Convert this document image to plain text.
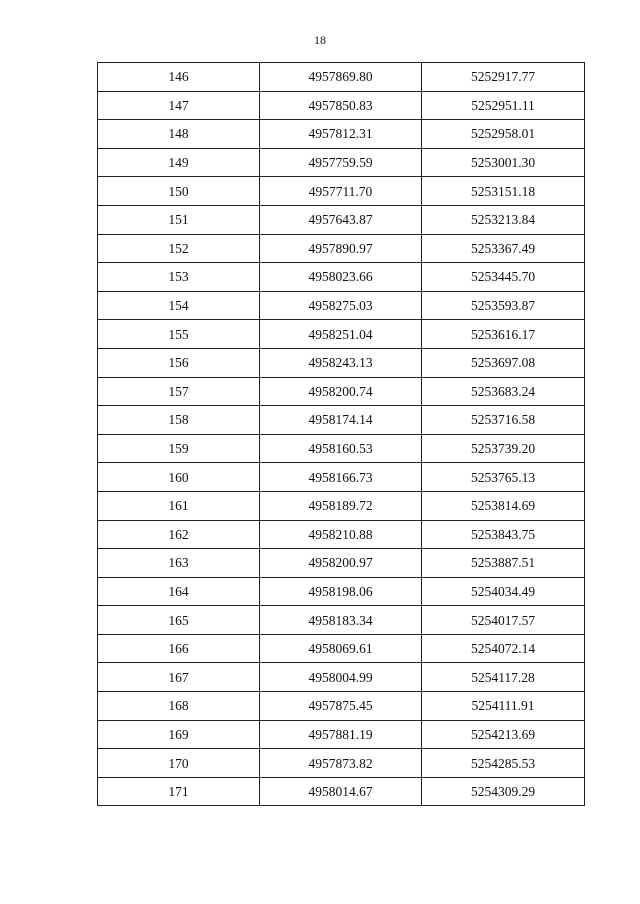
18
146	4957869.80	5252917.77
147	4957850.83	5252951.11
148	4957812.31	5252958.01
149	4957759.59	5253001.30
150	4957711.70	5253151.18
151	4957643.87	5253213.84
152	4957890.97	5253367.49
153	4958023.66	5253445.70
154	4958275.03	5253593.87
155	4958251.04	5253616.17
156	4958243.13	5253697.08
157	4958200.74	5253683.24
158	4958174.14	5253716.58
159	4958160.53	5253739.20
160	4958166.73	5253765.13
161	4958189.72	5253814.69
162	4958210.88	5253843.75
163	4958200.97	5253887.51
164	4958198.06	5254034.49
165	4958183.34	5254017.57
166	4958069.61	5254072.14
167	4958004.99	5254117.28
168	4957875.45	5254111.91
169	4957881.19	5254213.69
170	4957873.82	5254285.53
171	4958014.67	5254309.29
